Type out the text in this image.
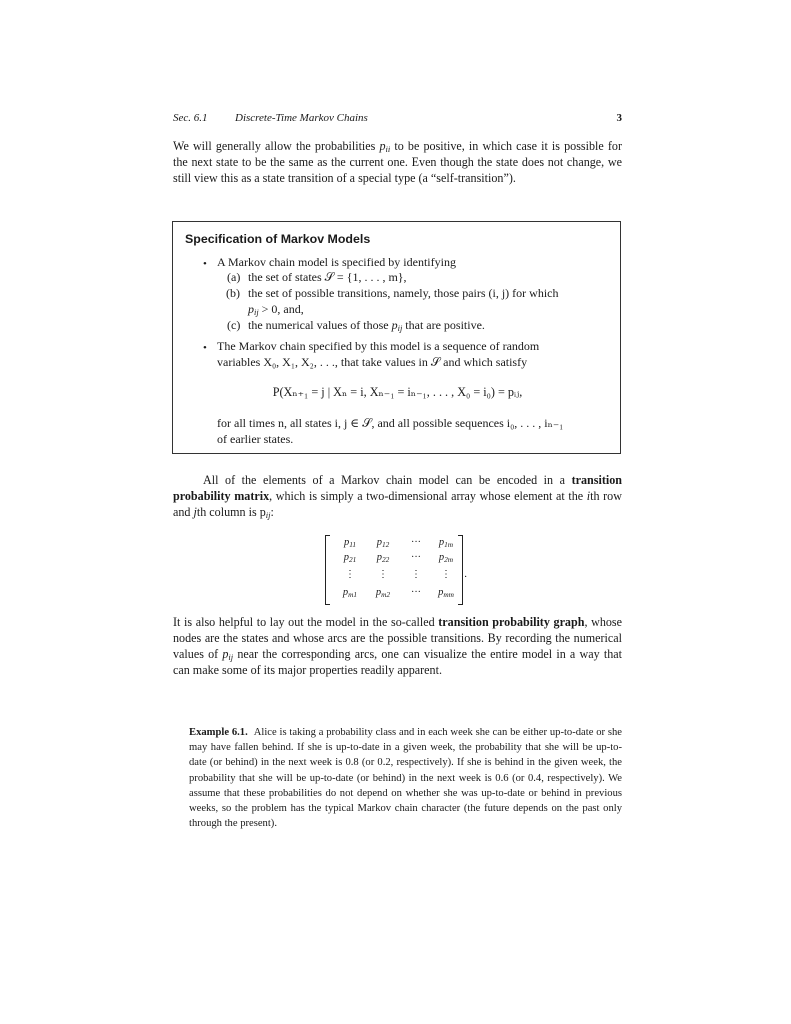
Sec. 6.1 Discrete-Time Markov Chains	3
We will generally allow the probabilities $p_{ii}$ to be positive, in which case it is possible for the next state to be the same as the current one. Even though the state does not change, we still view this as a state transition of a special type (a “self-transition”).
Specification of Markov Models
• A Markov chain model is specified by identifying
(a) the set of states 𝒮 = {1, . . . , m},
(b) the set of possible transitions, namely, those pairs (i, j) for which
$p_{ij} > 0$, and,
(c) the numerical values of those $p_{ij}$ that are positive.
• The Markov chain specified by this model is a sequence of random
variables X₀, X₁, X₂, . . ., that take values in 𝒮 and which satisfy
P(Xₙ₊₁ = j | Xₙ = i, Xₙ₋₁ = iₙ₋₁, . . . , X₀ = i₀) = pᵢⱼ,
for all times n, all states i, j ∈ 𝒮, and all possible sequences i₀, . . . , iₙ₋₁
of earlier states.
All of the elements of a Markov chain model can be encoded in a transition probability matrix, which is simply a two-dimensional array whose element at the ith row and jth column is $p_{ij}$:
$p_{11}$	$p_{12}$	···	$p_{1m}$
$p_{21}$	$p_{22}$	···	$p_{2m}$
⋮	⋮	⋮	⋮
$p_{m1}$	$p_{m2}$	···	$p_{mm}$
.
It is also helpful to lay out the model in the so-called transition probability graph, whose nodes are the states and whose arcs are the possible transitions. By recording the numerical values of $p_{ij}$ near the corresponding arcs, one can visualize the entire model in a way that can make some of its major properties readily apparent.
Example 6.1. Alice is taking a probability class and in each week she can be either up-to-date or she may have fallen behind. If she is up-to-date in a given week, the probability that she will be up-to-date (or behind) in the next week is 0.8 (or 0.2, respectively). If she is behind in the given week, the probability that she will be up-to-date (or behind) in the next week is 0.6 (or 0.4, respectively). We assume that these probabilities do not depend on whether she was up-to-date or behind in previous weeks, so the problem has the typical Markov chain character (the future depends on the past only through the present).
